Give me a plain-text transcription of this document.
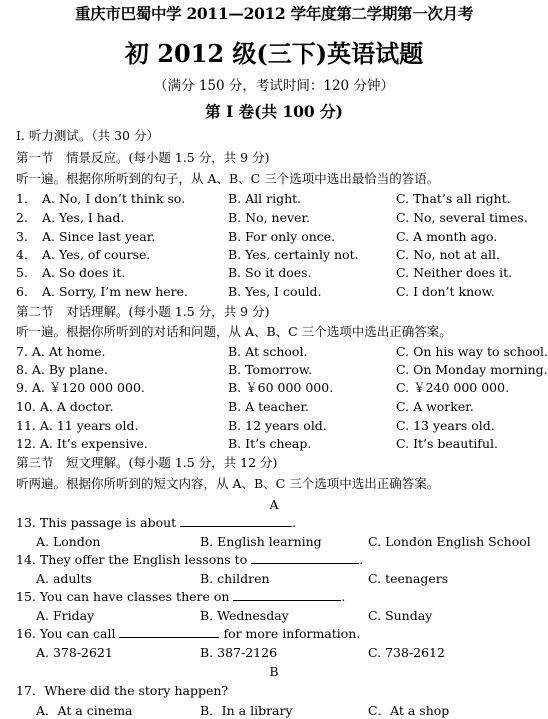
重庆市巴蜀中学 2011—2012 学年度第二学期第一次月考
初 2012 级(三下)英语试题
（满分 150 分，考试时间：120 分钟）
第 I 卷(共 100 分)
I. 听力测试。（共 30 分）
第一节　情景反应。(每小题 1.5 分，共 9 分)
听一遍。根据你所听到的句子，从 A、B、C 三个选项中选出最恰当的答语。
1. A. No, I don’t think so.	B. All right.	C. That’s all right.
2. A. Yes, I had.	B. No, never.	C. No, several times.
3. A. Since last year.	B. For only once.	C. A month ago.
4. A. Yes, of course.	B. Yes, certainly not.	C. No, not at all.
5. A. So does it.	B. So it does.	C. Neither does it.
6. A. Sorry, I’m new here.	B. Yes, I could.	C. I don’t know.
第二节　对话理解。(每小题 1.5 分，共 9 分)
听一遍。根据你所听到的对话和问题，从 A、B、C 三个选项中选出正确答案。
7. A. At home.	B. At school.	C. On his way to school.
8. A. By plane.	B. Tomorrow.	C. On Monday morning.
9. A. ￥120 000 000.	B. ￥60 000 000.	C. ￥240 000 000.
10. A. A doctor.	B. A teacher.	C. A worker.
11. A. 11 years old.	B. 12 years old.	C. 13 years old.
12. A. It’s expensive.	B. It’s cheap.	C. It’s beautiful.
第三节　短文理解。(每小题 1.5 分，共 12 分)
听两遍。根据你所听到的短文内容，从 A、B、C 三个选项中选出正确答案。
A
13. This passage is about	.
A. London	B. English learning	C. London English School
14. They offer the English lessons to	.
A. adults	B. children	C. teenagers
15. You can have classes there on	.
A. Friday	B. Wednesday	C. Sunday
16. You can call	for more information.
A. 378-2621	B. 387-2126	C. 738-2612
B
17．Where did the story happen?
A．At a cinema	B．In a library	C．At a shop
